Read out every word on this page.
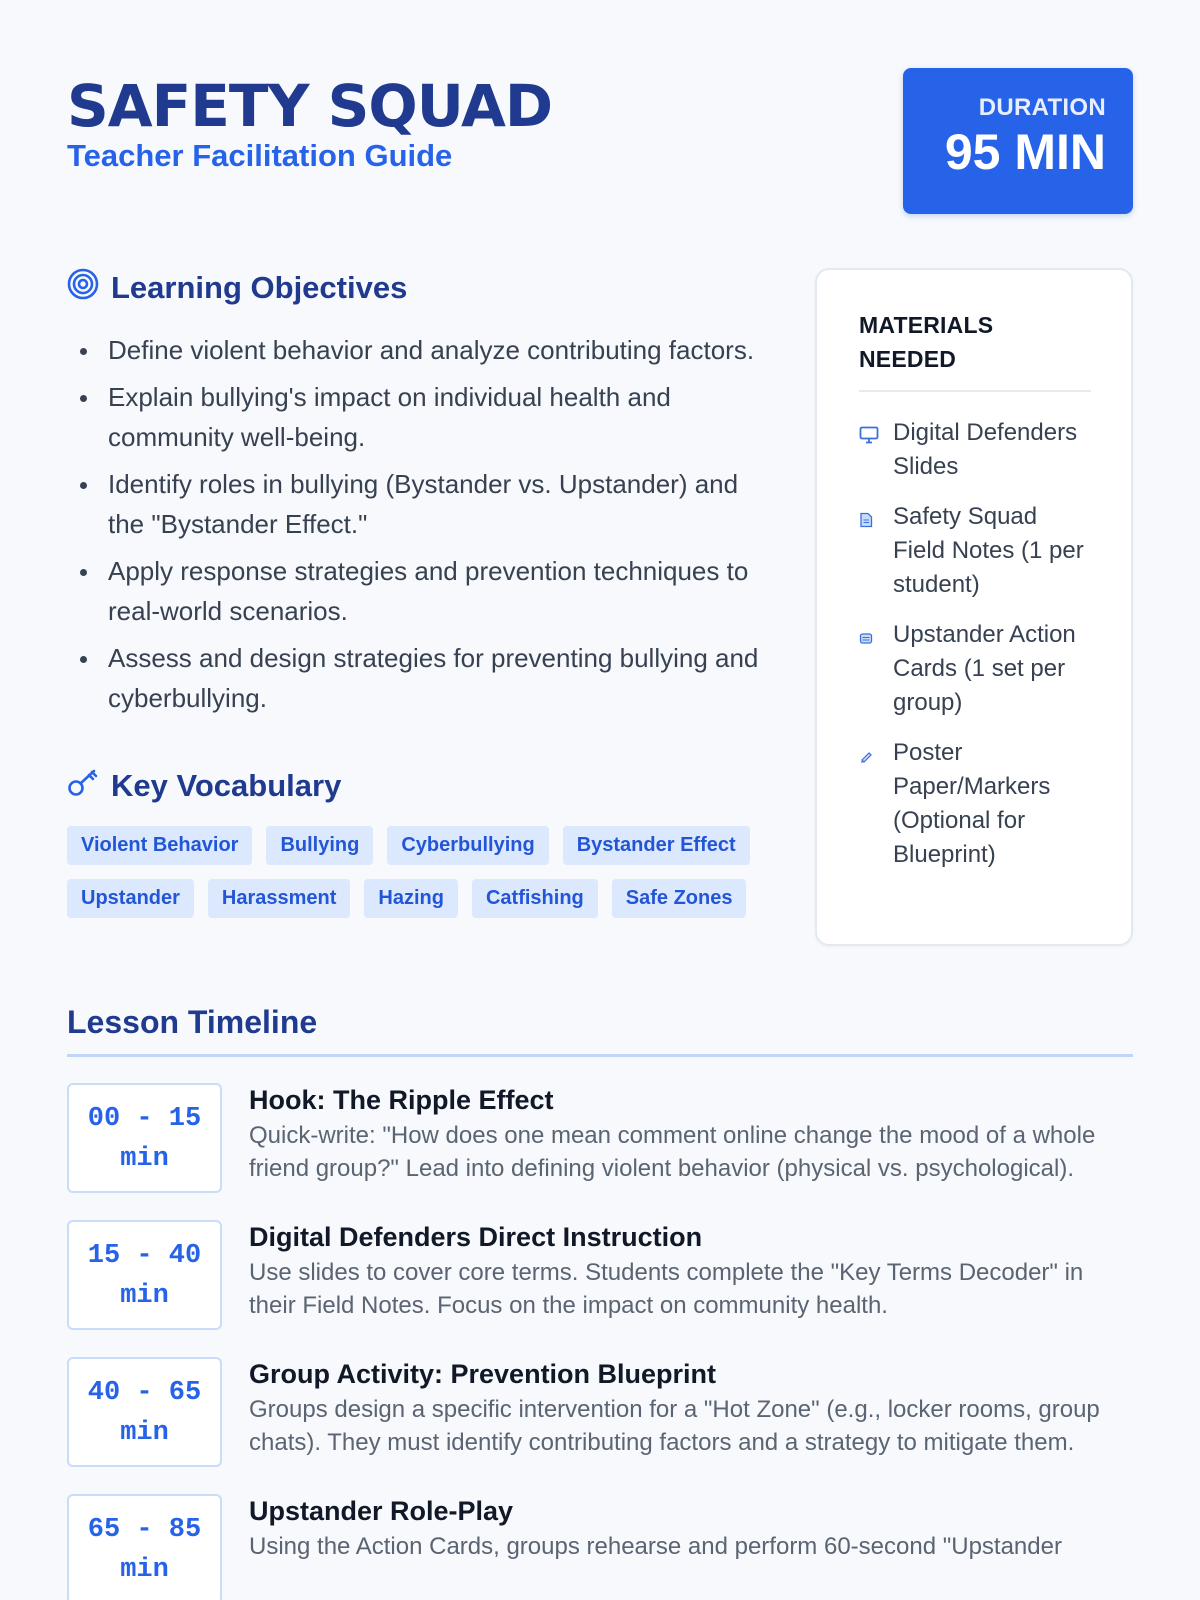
SAFETY SQUAD
Teacher Facilitation Guide
DURATION
95 MIN
Learning Objectives
Define violent behavior and analyze contributing factors.
Explain bullying's impact on individual health and community well-being.
Identify roles in bullying (Bystander vs. Upstander) and the "Bystander Effect."
Apply response strategies and prevention techniques to real-world scenarios.
Assess and design strategies for preventing bullying and cyberbullying.
Key Vocabulary
Violent Behavior	Bullying	Cyberbullying	Bystander Effect
Upstander	Harassment	Hazing	Catfishing	Safe Zones
MATERIALS NEEDED
Digital Defenders Slides
Safety Squad Field Notes (1 per student)
Upstander Action Cards (1 set per group)
Poster Paper/Markers (Optional for Blueprint)
Lesson Timeline
00 - 15 min
Hook: The Ripple Effect
Quick-write: "How does one mean comment online change the mood of a whole friend group?" Lead into defining violent behavior (physical vs. psychological).
15 - 40 min
Digital Defenders Direct Instruction
Use slides to cover core terms. Students complete the "Key Terms Decoder" in their Field Notes. Focus on the impact on community health.
40 - 65 min
Group Activity: Prevention Blueprint
Groups design a specific intervention for a "Hot Zone" (e.g., locker rooms, group chats). They must identify contributing factors and a strategy to mitigate them.
65 - 85 min
Upstander Role-Play
Using the Action Cards, groups rehearse and perform 60-second "Upstander
